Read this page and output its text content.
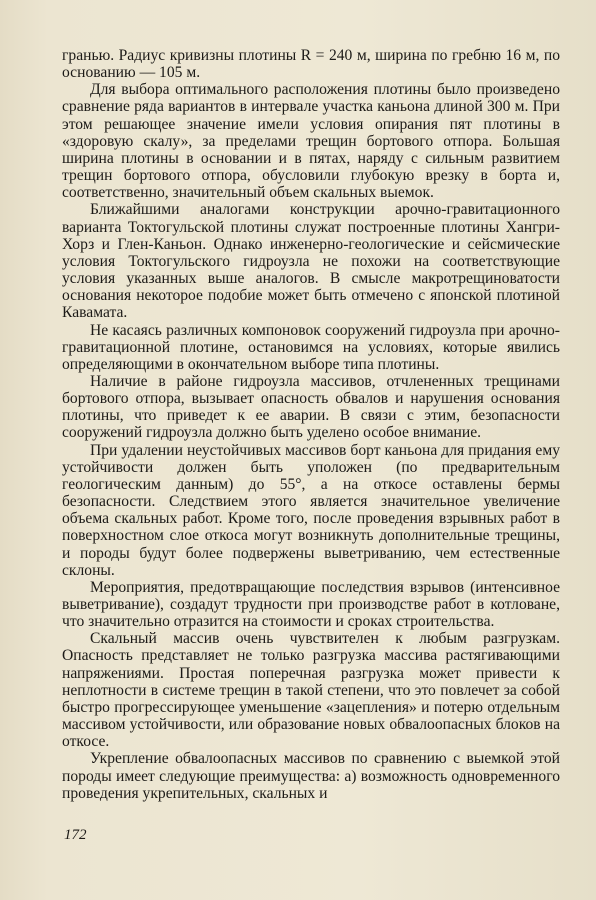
гранью. Радиус кривизны плотины R = 240 м, ширина по гребню 16 м, по основанию — 105 м.

Для выбора оптимального расположения плотины было произведено сравнение ряда вариантов в интервале участка каньона длиной 300 м. При этом решающее значение имели условия опирания пят плотины в «здоровую скалу», за пределами трещин бортового отпора. Большая ширина плотины в основании и в пятах, наряду с сильным развитием трещин бортового отпора, обусловили глубокую врезку в борта и, соответственно, значительный объем скальных выемок.

Ближайшими аналогами конструкции арочно-гравитационного варианта Токтогульской плотины служат построенные плотины Хангри-Хорз и Глен-Каньон. Однако инженерно-геологические и сейсмические условия Токтогульского гидроузла не похожи на соответствующие условия указанных выше аналогов. В смысле макротрещиноватости основания некоторое подобие может быть отмечено с японской плотиной Кавамата.

Не касаясь различных компоновок сооружений гидроузла при арочно-гравитационной плотине, остановимся на условиях, которые явились определяющими в окончательном выборе типа плотины.

Наличие в районе гидроузла массивов, отчлененных трещинами бортового отпора, вызывает опасность обвалов и нарушения основания плотины, что приведет к ее аварии. В связи с этим, безопасности сооружений гидроузла должно быть уделено особое внимание.

При удалении неустойчивых массивов борт каньона для придания ему устойчивости должен быть уположен (по предварительным геологическим данным) до 55°, а на откосе оставлены бермы безопасности. Следствием этого является значительное увеличение объема скальных работ. Кроме того, после проведения взрывных работ в поверхностном слое откоса могут возникнуть дополнительные трещины, и породы будут более подвержены выветриванию, чем естественные склоны.

Мероприятия, предотвращающие последствия взрывов (интенсивное выветривание), создадут трудности при производстве работ в котловане, что значительно отразится на стоимости и сроках строительства.

Скальный массив очень чувствителен к любым разгрузкам. Опасность представляет не только разгрузка массива растягивающими напряжениями. Простая поперечная разгрузка может привести к неплотности в системе трещин в такой степени, что это повлечет за собой быстро прогрессирующее уменьшение «зацепления» и потерю отдельным массивом устойчивости, или образование новых обвалоопасных блоков на откосе.

Укрепление обвалоопасных массивов по сравнению с выемкой этой породы имеет следующие преимущества: а) возможность одновременного проведения укрепительных, скальных и

172
